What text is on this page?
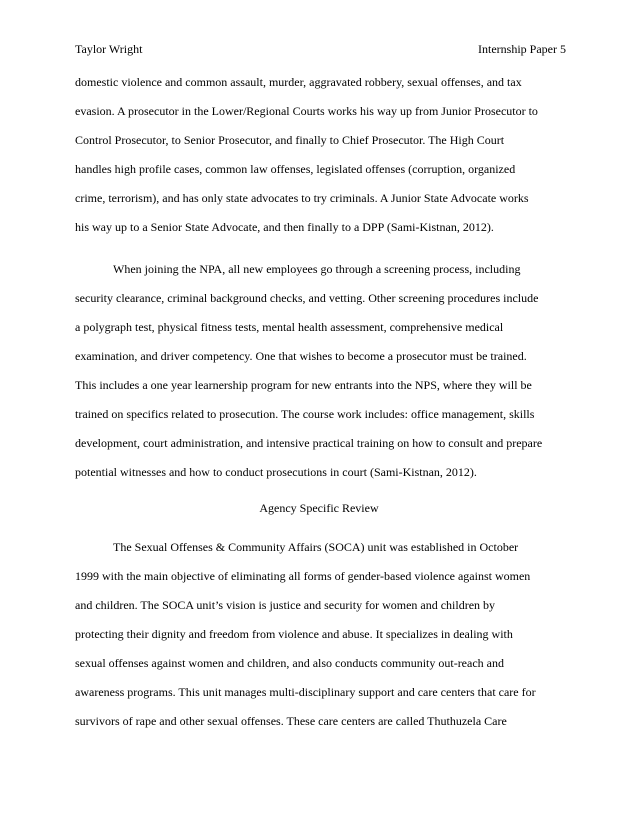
Taylor Wright	Internship Paper 5
domestic violence and common assault, murder, aggravated robbery, sexual offenses, and tax
evasion. A prosecutor in the Lower/Regional Courts works his way up from Junior Prosecutor to
Control Prosecutor, to Senior Prosecutor, and finally to Chief Prosecutor. The High Court
handles high profile cases, common law offenses, legislated offenses (corruption, organized
crime, terrorism), and has only state advocates to try criminals. A Junior State Advocate works
his way up to a Senior State Advocate, and then finally to a DPP (Sami-Kistnan, 2012).
When joining the NPA, all new employees go through a screening process, including
security clearance, criminal background checks, and vetting. Other screening procedures include
a polygraph test, physical fitness tests, mental health assessment, comprehensive medical
examination, and driver competency. One that wishes to become a prosecutor must be trained.
This includes a one year learnership program for new entrants into the NPS, where they will be
trained on specifics related to prosecution. The course work includes: office management, skills
development, court administration, and intensive practical training on how to consult and prepare
potential witnesses and how to conduct prosecutions in court (Sami-Kistnan, 2012).
Agency Specific Review
The Sexual Offenses & Community Affairs (SOCA) unit was established in October
1999 with the main objective of eliminating all forms of gender-based violence against women
and children. The SOCA unit’s vision is justice and security for women and children by
protecting their dignity and freedom from violence and abuse. It specializes in dealing with
sexual offenses against women and children, and also conducts community out-reach and
awareness programs. This unit manages multi-disciplinary support and care centers that care for
survivors of rape and other sexual offenses. These care centers are called Thuthuzela Care
